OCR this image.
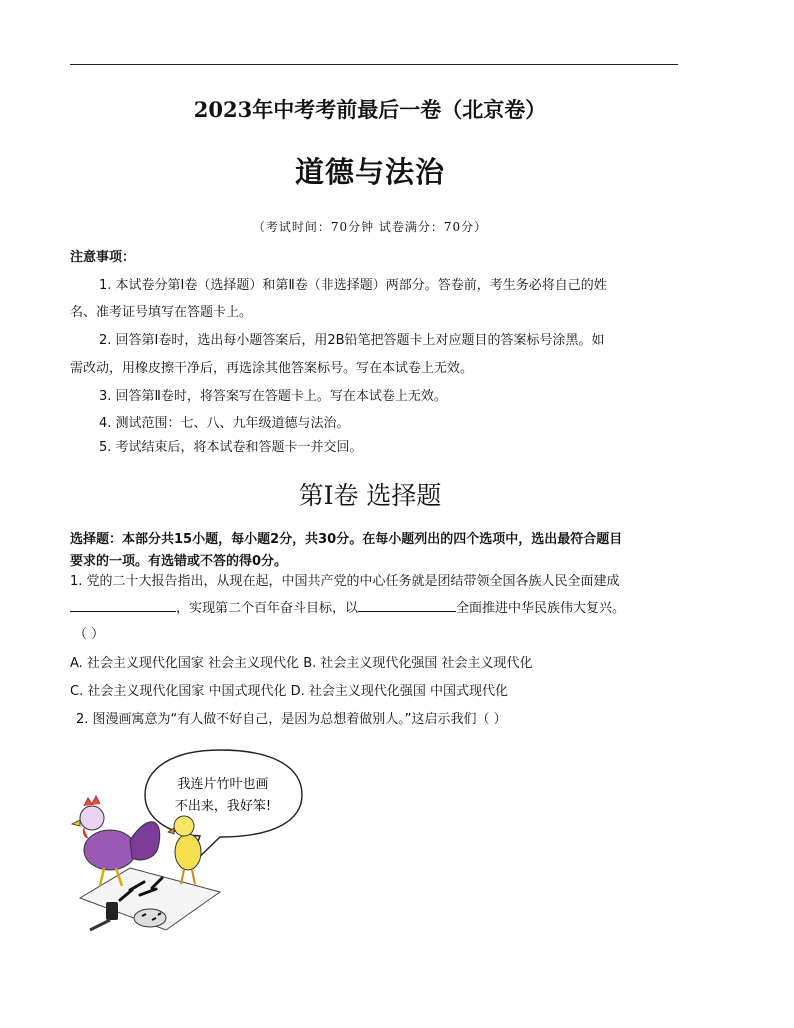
2023年中考考前最后一卷（北京卷）
道德与法治
（考试时间：70分钟 试卷满分：70分）
注意事项：
1. 本试卷分第Ⅰ卷（选择题）和第Ⅱ卷（非选择题）两部分。答卷前，考生务必将自己的姓
名、准考证号填写在答题卡上。
2. 回答第Ⅰ卷时，选出每小题答案后，用2B铅笔把答题卡上对应题目的答案标号涂黑。如
需改动，用橡皮擦干净后，再选涂其他答案标号。写在本试卷上无效。
3. 回答第Ⅱ卷时，将答案写在答题卡上。写在本试卷上无效。
4. 测试范围：七、八、九年级道德与法治。
5. 考试结束后，将本试卷和答题卡一并交回。
第Ⅰ卷 选择题
选择题：本部分共15小题，每小题2分，共30分。在每小题列出的四个选项中，选出最符合题目
要求的一项。有选错或不答的得0分。
1. 党的二十大报告指出，从现在起，中国共产党的中心任务就是团结带领全国各族人民全面建成
，实现第二个百年奋斗目标，以	全面推进中华民族伟大复兴。
（ ）
A. 社会主义现代化国家 社会主义现代化 B. 社会主义现代化强国 社会主义现代化
C. 社会主义现代化国家 中国式现代化 D. 社会主义现代化强国 中国式现代化
2. 图漫画寓意为“有人做不好自己，是因为总想着做别人。”这启示我们（ ）
我连片竹叶也画
不出来，我好笨!
